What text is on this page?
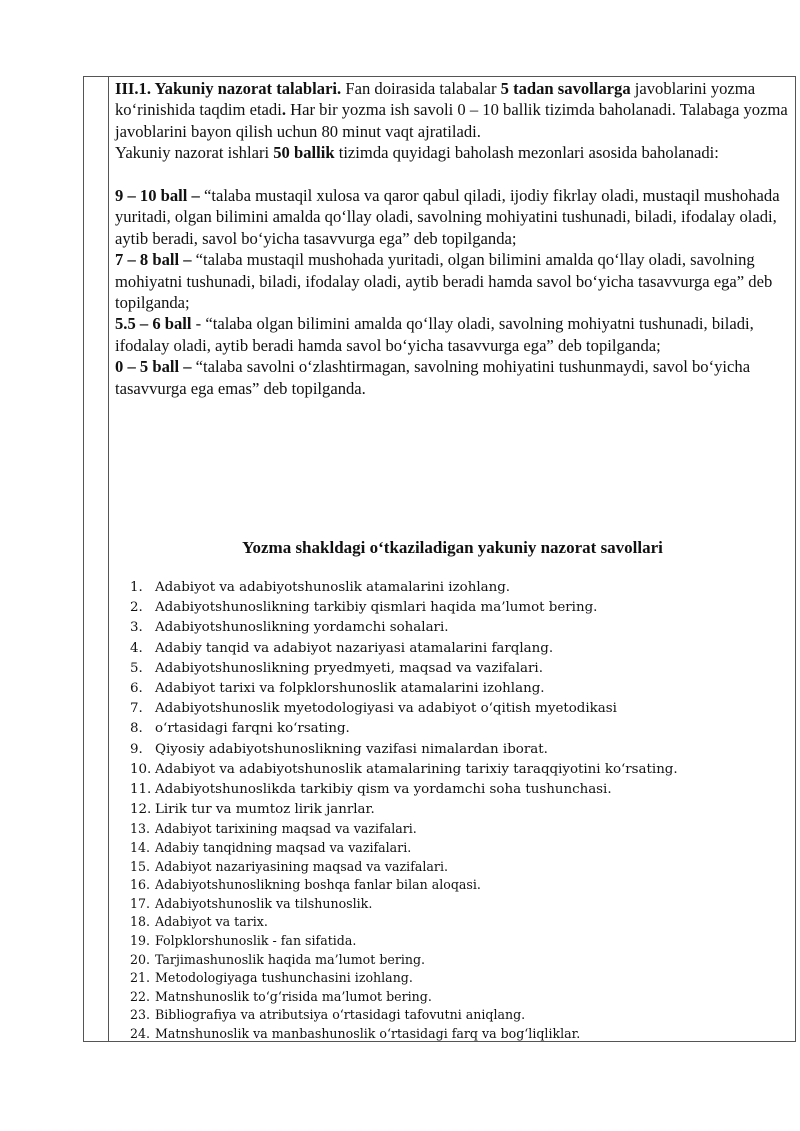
III.1. Yakuniy nazorat talablari. Fan doirasida talabalar 5 tadan savollarga javoblarini yozma koʻrinishida taqdim etadi. Har bir yozma ish savoli 0 – 10 ballik tizimda baholanadi. Talabaga yozma javoblarini bayon qilish uchun 80 minut vaqt ajratiladi.

Yakuniy nazorat ishlari 50 ballik tizimda quyidagi baholash mezonlari asosida baholanadi:

9 – 10 ball – “talaba mustaqil xulosa va qaror qabul qiladi, ijodiy fikrlay oladi, mustaqil mushohada yuritadi, olgan bilimini amalda qoʻllay oladi, savolning mohiyatini tushunadi, biladi, ifodalay oladi, aytib beradi, savol boʻyicha tasavvurga ega” deb topilganda;

7 – 8 ball – “talaba mustaqil mushohada yuritadi, olgan bilimini amalda qoʻllay oladi, savolning mohiyatni tushunadi, biladi, ifodalay oladi, aytib beradi hamda savol boʻyicha tasavvurga ega” deb topilganda;

5.5 – 6 ball - “talaba olgan bilimini amalda qoʻllay oladi, savolning mohiyatni tushunadi, biladi, ifodalay oladi, aytib beradi hamda savol boʻyicha tasavvurga ega” deb topilganda;

0 – 5 ball – “talaba savolni oʻzlashtirmagan, savolning mohiyatini tushunmaydi, savol boʻyicha tasavvurga ega emas” deb topilganda.

Yozma shakldagi oʻtkaziladigan yakuniy nazorat savollari

1. Adabiyot va adabiyotshunoslik atamalarini izohlang.
2. Adabiyotshunoslikning tarkibiy qismlari haqida ma’lumot bering.
3. Adabiyotshunoslikning yordamchi sohalari.
4. Adabiy tanqid va adabiyot nazariyasi atamalarini farqlang.
5. Adabiyotshunoslikning pryedmyeti, maqsad va vazifalari.
6. Adabiyot tarixi va folpklorshunoslik atamalarini izohlang.
7. Adabiyotshunoslik myetodologiyasi va adabiyot oʻqitish myetodikasi
8. oʻrtasidagi farqni koʻrsating.
9. Qiyosiy adabiyotshunoslikning vazifasi nimalardan iborat.
10. Adabiyot va adabiyotshunoslik atamalarining tarixiy taraqqiyotini koʻrsating.
11. Adabiyotshunoslikda tarkibiy qism va yordamchi soha tushunchasi.
12. Lirik tur va mumtoz lirik janrlar.
13. Adabiyot tarixining maqsad va vazifalari.
14. Adabiy tanqidning maqsad va vazifalari.
15. Adabiyot nazariyasining maqsad va vazifalari.
16. Adabiyotshunoslikning boshqa fanlar bilan aloqasi.
17. Adabiyotshunoslik va tilshunoslik.
18. Adabiyot va tarix.
19. Folpklorshunoslik - fan sifatida.
20. Tarjimashunoslik haqida ma’lumot bering.
21. Metodologiyaga tushunchasini izohlang.
22. Matnshunoslik toʻgʻrisida ma’lumot bering.
23. Bibliografiya va atributsiya oʻrtasidagi tafovutni aniqlang.
24. Matnshunoslik va manbashunoslik oʻrtasidagi farq va bogʻliqliklar.
